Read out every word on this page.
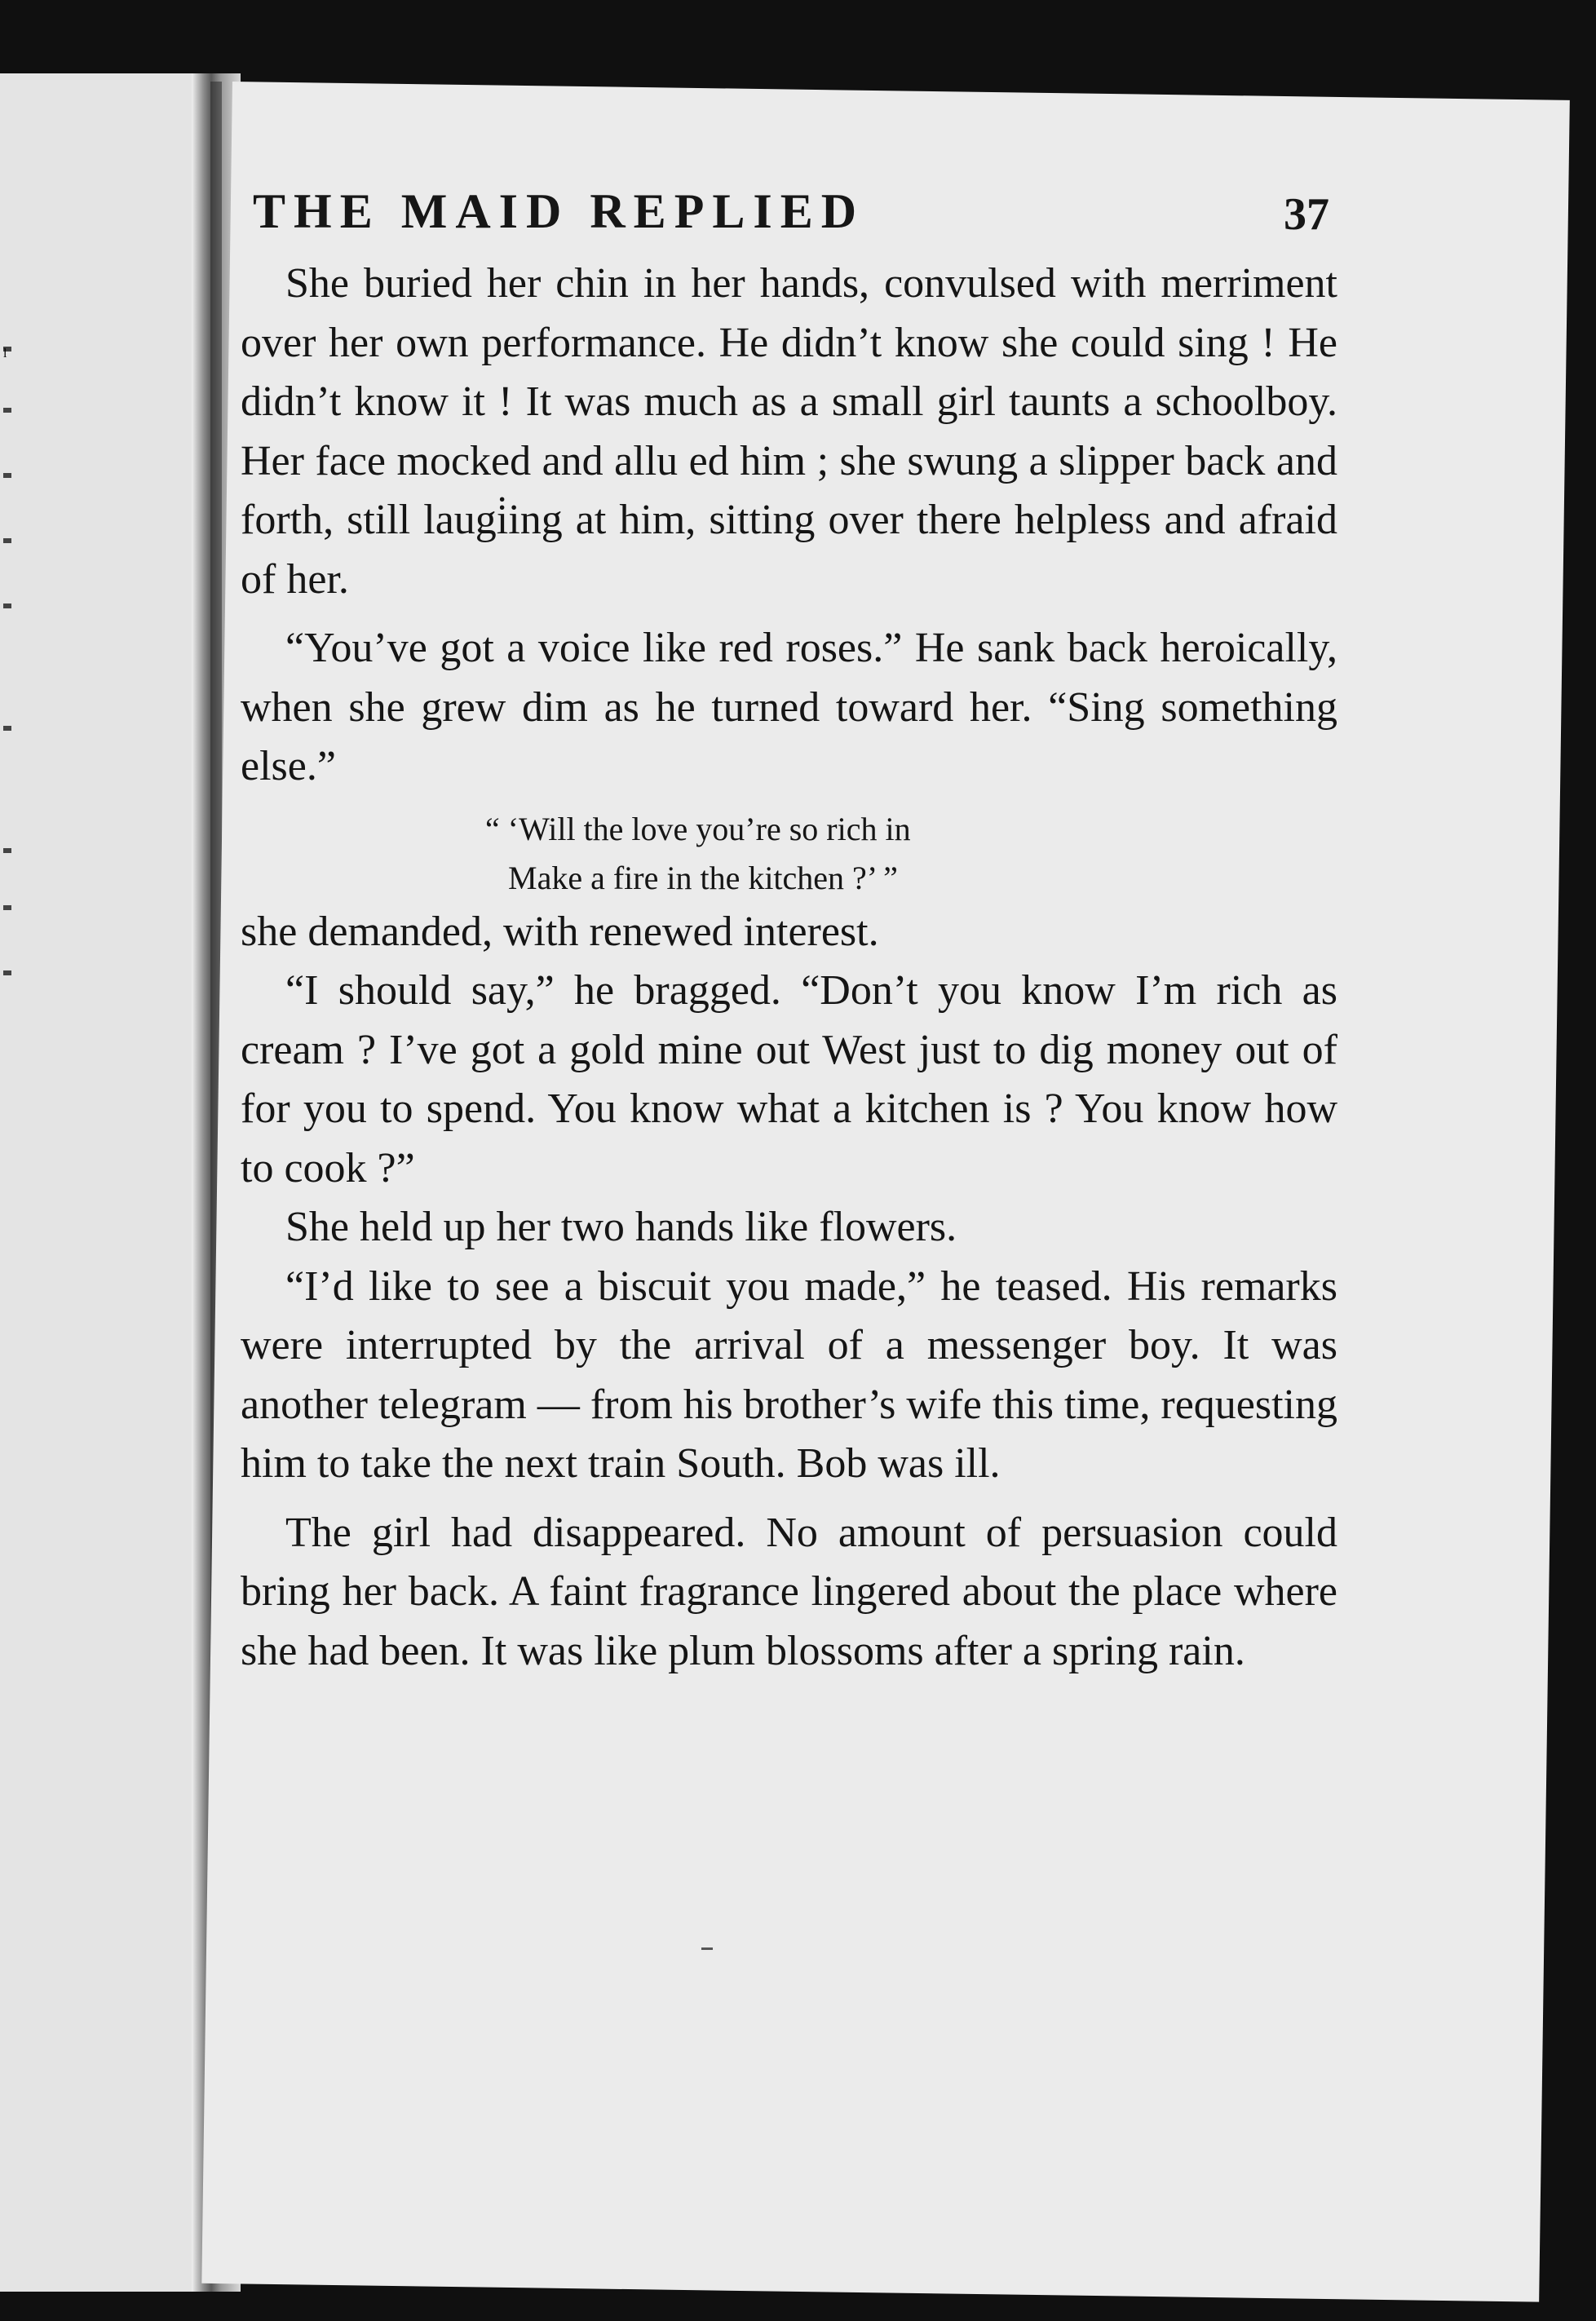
l
THE MAID REPLIED	37

She buried her chin in her hands, convulsed with merriment over her own performance. He didn’t know she could sing ! He didn’t know it ! It was much as a small girl taunts a schoolboy. Her face mocked and allu ed him ; she swung a slipper back and forth, still laugi̇ing at him, sitting over there helpless and afraid of her.

“You’ve got a voice like red roses.” He sank back heroically, when she grew dim as he turned toward her. “Sing something else.”

“ ‘Will the love you’re so rich in
Make a fire in the kitchen ?’ ”

she demanded, with renewed interest.

“I should say,” he bragged. “Don’t you know I’m rich as cream ? I’ve got a gold mine out West just to dig money out of for you to spend. You know what a kitchen is ? You know how to cook ?”

She held up her two hands like flowers.

“I’d like to see a biscuit you made,” he teased. His remarks were interrupted by the arrival of a messenger boy. It was another telegram — from his brother’s wife this time, requesting him to take the next train South. Bob was ill.

The girl had disappeared. No amount of persuasion could bring her back. A faint fragrance lingered about the place where she had been. It was like plum blossoms after a spring rain.
